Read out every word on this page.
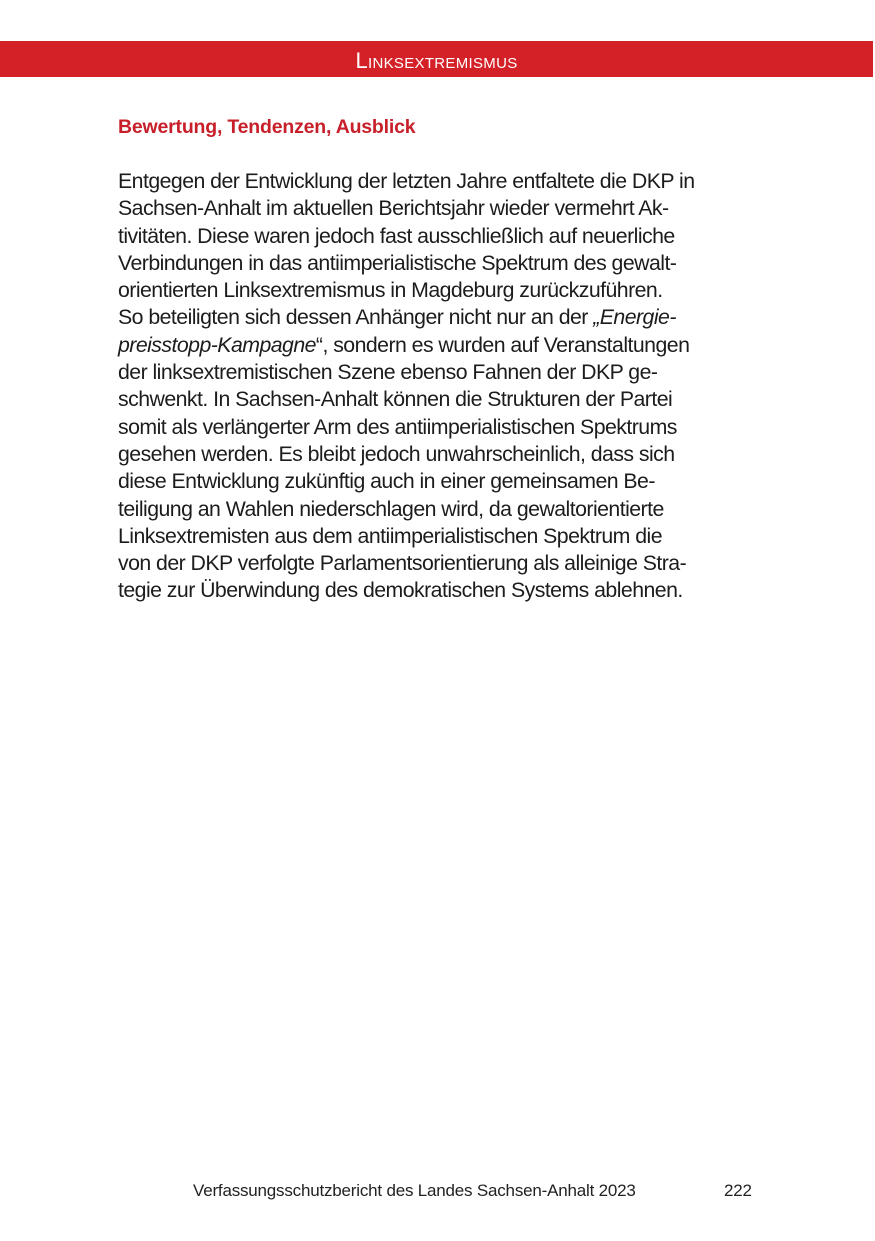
Linksextremismus
Bewertung, Tendenzen, Ausblick

Entgegen der Entwicklung der letzten Jahre entfaltete die DKP in
Sachsen-Anhalt im aktuellen Berichtsjahr wieder vermehrt Ak-
tivitäten. Diese waren jedoch fast ausschließlich auf neuerliche
Verbindungen in das antiimperialistische Spektrum des gewalt-
orientierten Linksextremismus in Magdeburg zurückzuführen.
So beteiligten sich dessen Anhänger nicht nur an der „Energie-
preisstopp-Kampagne“, sondern es wurden auf Veranstaltungen
der linksextremistischen Szene ebenso Fahnen der DKP ge-
schwenkt. In Sachsen-Anhalt können die Strukturen der Partei
somit als verlängerter Arm des antiimperialistischen Spektrums
gesehen werden. Es bleibt jedoch unwahrscheinlich, dass sich
diese Entwicklung zukünftig auch in einer gemeinsamen Be-
teiligung an Wahlen niederschlagen wird, da gewaltorientierte
Linksextremisten aus dem antiimperialistischen Spektrum die
von der DKP verfolgte Parlamentsorientierung als alleinige Stra-
tegie zur Überwindung des demokratischen Systems ablehnen.

Verfassungsschutzbericht des Landes Sachsen-Anhalt 2023	222
